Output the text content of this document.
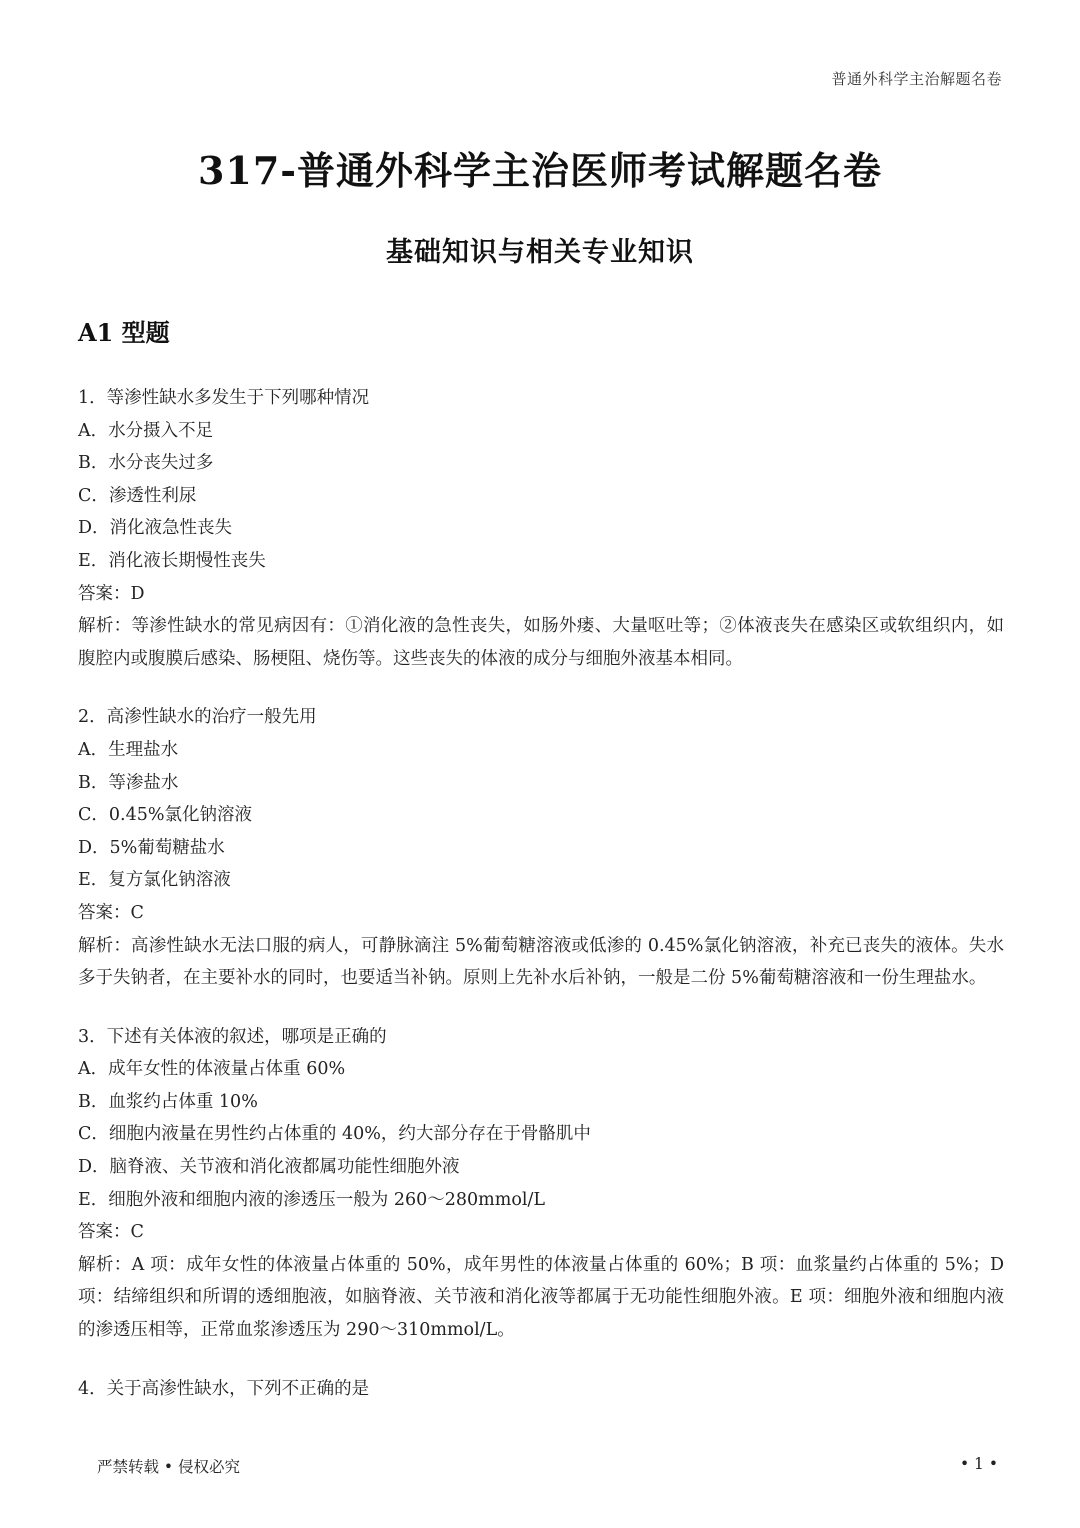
普通外科学主治解题名卷
317-普通外科学主治医师考试解题名卷
基础知识与相关专业知识
A1 型题
1．等渗性缺水多发生于下列哪种情况
A．水分摄入不足
B．水分丧失过多
C．渗透性利尿
D．消化液急性丧失
E．消化液长期慢性丧失
答案：D
解析：等渗性缺水的常见病因有：①消化液的急性丧失，如肠外瘘、大量呕吐等；②体液丧失在感染区或软组织内，如腹腔内或腹膜后感染、肠梗阻、烧伤等。这些丧失的体液的成分与细胞外液基本相同。
2．高渗性缺水的治疗一般先用
A．生理盐水
B．等渗盐水
C．0.45%氯化钠溶液
D．5%葡萄糖盐水
E．复方氯化钠溶液
答案：C
解析：高渗性缺水无法口服的病人，可静脉滴注 5%葡萄糖溶液或低渗的 0.45%氯化钠溶液，补充已丧失的液体。失水多于失钠者，在主要补水的同时，也要适当补钠。原则上先补水后补钠，一般是二份 5%葡萄糖溶液和一份生理盐水。
3．下述有关体液的叙述，哪项是正确的
A．成年女性的体液量占体重 60%
B．血浆约占体重 10%
C．细胞内液量在男性约占体重的 40%，约大部分存在于骨骼肌中
D．脑脊液、关节液和消化液都属功能性细胞外液
E．细胞外液和细胞内液的渗透压一般为 260～280mmol/L
答案：C
解析：A 项：成年女性的体液量占体重的 50%，成年男性的体液量占体重的 60%；B 项：血浆量约占体重的 5%；D 项：结缔组织和所谓的透细胞液，如脑脊液、关节液和消化液等都属于无功能性细胞外液。E 项：细胞外液和细胞内液的渗透压相等，正常血浆渗透压为 290～310mmol/L。
4．关于高渗性缺水，下列不正确的是
严禁转载 • 侵权必究	• 1 •
